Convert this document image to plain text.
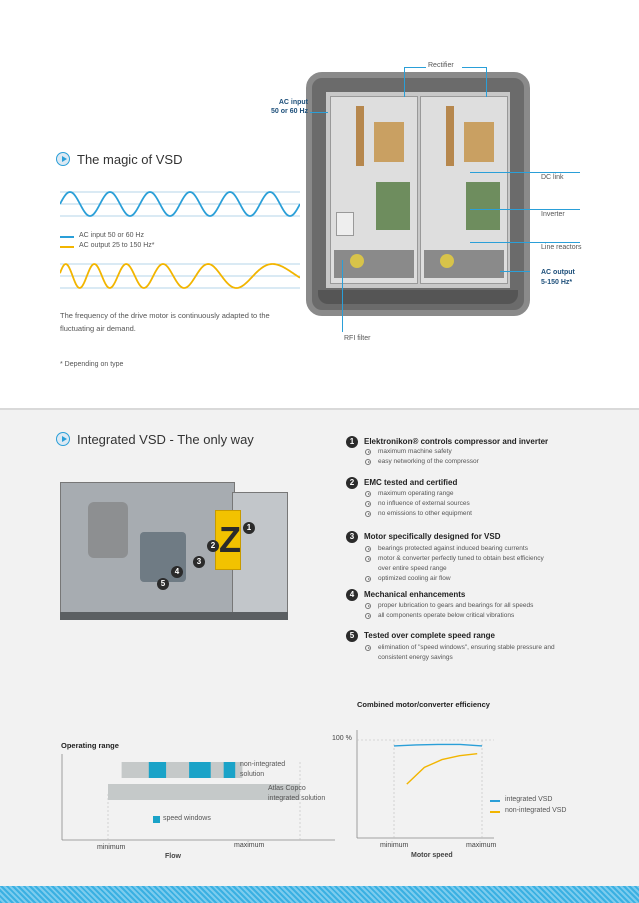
The magic of VSD
AC input 50 or 60 Hz
AC output 25 to 150 Hz*
The frequency of the drive motor is continuously adapted to the fluctuating air demand.
* Depending on type
Rectifier
AC input
50 or 60 Hz
DC link
Inverter
Line reactors
AC output
5-150 Hz*
RFI filter
Integrated VSD - The only way
Z 1
2
3
4
5
1	Elektronikon® controls compressor and inverter
maximum machine safety
easy networking of the compressor
2	EMC tested and certified
maximum operating range
no influence of external sources
no emissions to other equipment
3	Motor specifically designed for VSD
bearings protected against induced bearing currents
motor & converter perfectly tuned to obtain best efficiency
over entire speed range
optimized cooling air flow
4	Mechanical enhancements
proper lubrication to gears and bearings for all speeds
all components operate below critical vibrations
5	Tested over complete speed range
elimination of "speed windows", ensuring stable pressure and
consistent energy savings
Operating range
non-integrated
solution
Atlas Copco
integrated solution
speed windows
minimum	maximum
Flow
Combined motor/converter efficiency
100 %
integrated VSD
non-integrated VSD
minimum	maximum
Motor speed
